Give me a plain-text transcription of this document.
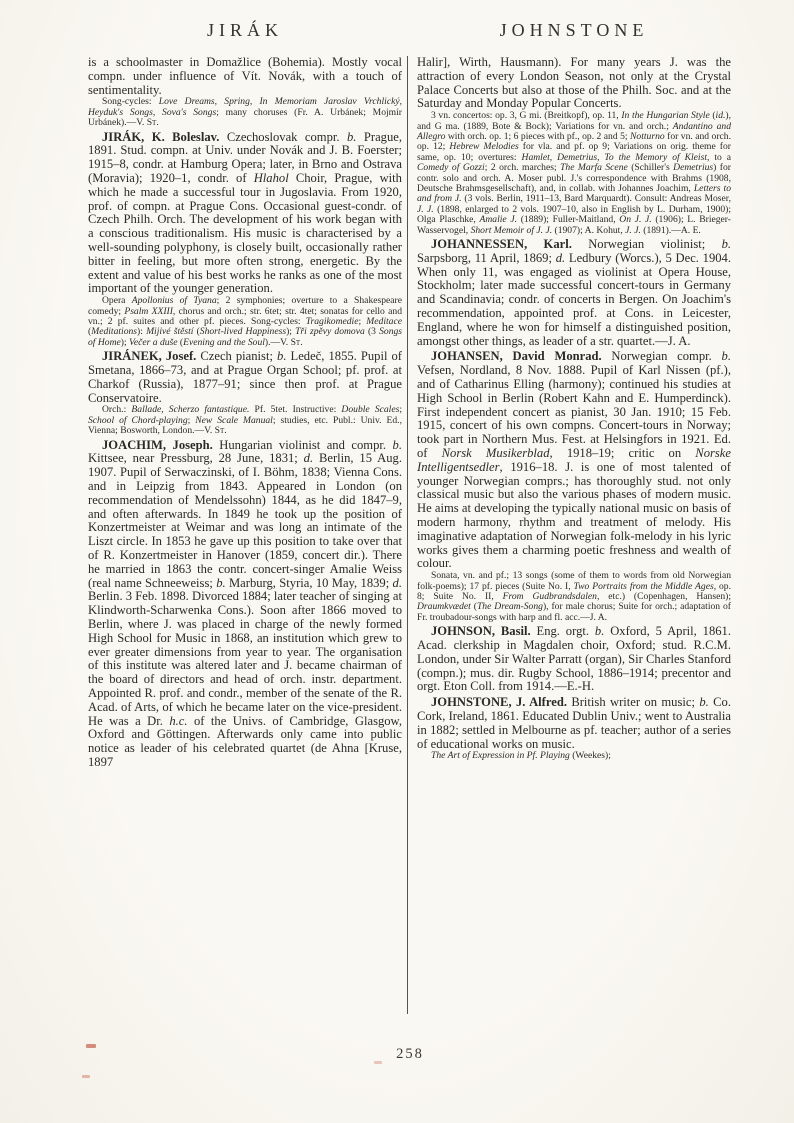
JIRÁK	JOHNSTONE
is a schoolmaster in Domažlice (Bohemia). Mostly vocal compn. under influence of Vít. Novák, with a touch of sentimentality.
Song-cycles: Love Dreams, Spring, In Memoriam Jaroslav Vrchlický, Heyduk's Songs, Sova's Songs; many choruses (Fr. A. Urbánek; Mojmír Urbánek).—V. St.
JIRÁK, K. Boleslav. Czechoslovak compr. b. Prague, 1891. Stud. compn. at Univ. under Novák and J. B. Foerster; 1915–8, condr. at Hamburg Opera; later, in Brno and Ostrava (Moravia); 1920–1, condr. of Hlahol Choir, Prague, with which he made a successful tour in Jugoslavia. From 1920, prof. of compn. at Prague Cons. Occasional guest-condr. of Czech Philh. Orch. The development of his work began with a conscious traditionalism. His music is characterised by a well-sounding polyphony, is closely built, occasionally rather bitter in feeling, but more often strong, energetic. By the extent and value of his best works he ranks as one of the most important of the younger generation.
Opera Apollonius of Tyana; 2 symphonies; overture to a Shakespeare comedy; Psalm XXIII, chorus and orch.; str. 6tet; str. 4tet; sonatas for cello and vn.; 2 pf. suites and other pf. pieces. Song-cycles: Tragikomedie; Meditace (Meditations): Mijivé štěstí (Short-lived Happiness); Tři zpěvy domova (3 Songs of Home); Večer a duše (Evening and the Soul).—V. St.
JIRÁNEK, Josef. Czech pianist; b. Ledeč, 1855. Pupil of Smetana, 1866–73, and at Prague Organ School; pf. prof. at Charkof (Russia), 1877–91; since then prof. at Prague Conservatoire.
Orch.: Ballade, Scherzo fantastique. Pf. 5tet. Instructive: Double Scales; School of Chord-playing; New Scale Manual; studies, etc. Publ.: Univ. Ed., Vienna; Bosworth, London.—V. St.
JOACHIM, Joseph. Hungarian violinist and compr. b. Kittsee, near Pressburg, 28 June, 1831; d. Berlin, 15 Aug. 1907. Pupil of Serwaczinski, of I. Böhm, 1838; Vienna Cons. and in Leipzig from 1843. Appeared in London (on recommendation of Mendelssohn) 1844, as he did 1847–9, and often afterwards. In 1849 he took up the position of Konzertmeister at Weimar and was long an intimate of the Liszt circle. In 1853 he gave up this position to take over that of R. Konzertmeister in Hanover (1859, concert dir.). There he married in 1863 the contr. concert-singer Amalie Weiss (real name Schneeweiss; b. Marburg, Styria, 10 May, 1839; d. Berlin. 3 Feb. 1898. Divorced 1884; later teacher of singing at Klindworth-Scharwenka Cons.). Soon after 1866 moved to Berlin, where J. was placed in charge of the newly formed High School for Music in 1868, an institution which grew to ever greater dimensions from year to year. The organisation of this institute was altered later and J. became chairman of the board of directors and head of orch. instr. department. Appointed R. prof. and condr., member of the senate of the R. Acad. of Arts, of which he became later on the vice-president. He was a Dr. h.c. of the Univs. of Cambridge, Glasgow, Oxford and Göttingen. Afterwards only came into public notice as leader of his celebrated quartet (de Ahna [Kruse, 1897
Halir], Wirth, Hausmann). For many years J. was the attraction of every London Season, not only at the Crystal Palace Concerts but also at those of the Philh. Soc. and at the Saturday and Monday Popular Concerts.
3 vn. concertos: op. 3, G mi. (Breitkopf), op. 11, In the Hungarian Style (id.), and G ma. (1889, Bote & Bock); Variations for vn. and orch.; Andantino and Allegro with orch. op. 1; 6 pieces with pf., op. 2 and 5; Notturno for vn. and orch. op. 12; Hebrew Melodies for vla. and pf. op 9; Variations on orig. theme for same, op. 10; overtures: Hamlet, Demetrius, To the Memory of Kleist, to a Comedy of Gozzi; 2 orch. marches; The Marfa Scene (Schiller's Demetrius) for contr. solo and orch. A. Moser publ. J.'s correspondence with Brahms (1908, Deutsche Brahmsgesellschaft), and, in collab. with Johannes Joachim, Letters to and from J. (3 vols. Berlin, 1911–13, Bard Marquardt). Consult: Andreas Moser, J. J. (1898, enlarged to 2 vols. 1907–10, also in English by L. Durham, 1900); Olga Plaschke, Amalie J. (1889); Fuller-Maitland, On J. J. (1906); L. Brieger-Wasservogel, Short Memoir of J. J. (1907); A. Kohut, J. J. (1891).—A. E.
JOHANNESSEN, Karl. Norwegian violinist; b. Sarpsborg, 11 April, 1869; d. Ledbury (Worcs.), 5 Dec. 1904. When only 11, was engaged as violinist at Opera House, Stockholm; later made successful concert-tours in Germany and Scandinavia; condr. of concerts in Bergen. On Joachim's recommendation, appointed prof. at Cons. in Leicester, England, where he won for himself a distinguished position, amongst other things, as leader of a str. quartet.—J. A.
JOHANSEN, David Monrad. Norwegian compr. b. Vefsen, Nordland, 8 Nov. 1888. Pupil of Karl Nissen (pf.), and of Catharinus Elling (harmony); continued his studies at High School in Berlin (Robert Kahn and E. Humperdinck). First independent concert as pianist, 30 Jan. 1910; 15 Feb. 1915, concert of his own compns. Concert-tours in Norway; took part in Northern Mus. Fest. at Helsingfors in 1921. Ed. of Norsk Musikerblad, 1918–19; critic on Norske Intelligentsedler, 1916–18. J. is one of most talented of younger Norwegian comprs.; has thoroughly stud. not only classical music but also the various phases of modern music. He aims at developing the typically national music on basis of modern harmony, rhythm and treatment of melody. His imaginative adaptation of Norwegian folk-melody in his lyric works gives them a charming poetic freshness and wealth of colour.
Sonata, vn. and pf.; 13 songs (some of them to words from old Norwegian folk-poems); 17 pf. pieces (Suite No. I, Two Portraits from the Middle Ages, op. 8; Suite No. II, From Gudbrandsdalen, etc.) (Copenhagen, Hansen); Draumkvædet (The Dream-Song), for male chorus; Suite for orch.; adaptation of Fr. troubadour-songs with harp and fl. acc.—J. A.
JOHNSON, Basil. Eng. orgt. b. Oxford, 5 April, 1861. Acad. clerkship in Magdalen choir, Oxford; stud. R.C.M. London, under Sir Walter Parratt (organ), Sir Charles Stanford (compn.); mus. dir. Rugby School, 1886–1914; precentor and orgt. Eton Coll. from 1914.—E.-H.
JOHNSTONE, J. Alfred. British writer on music; b. Co. Cork, Ireland, 1861. Educated Dublin Univ.; went to Australia in 1882; settled in Melbourne as pf. teacher; author of a series of educational works on music.
The Art of Expression in Pf. Playing (Weekes);
258
